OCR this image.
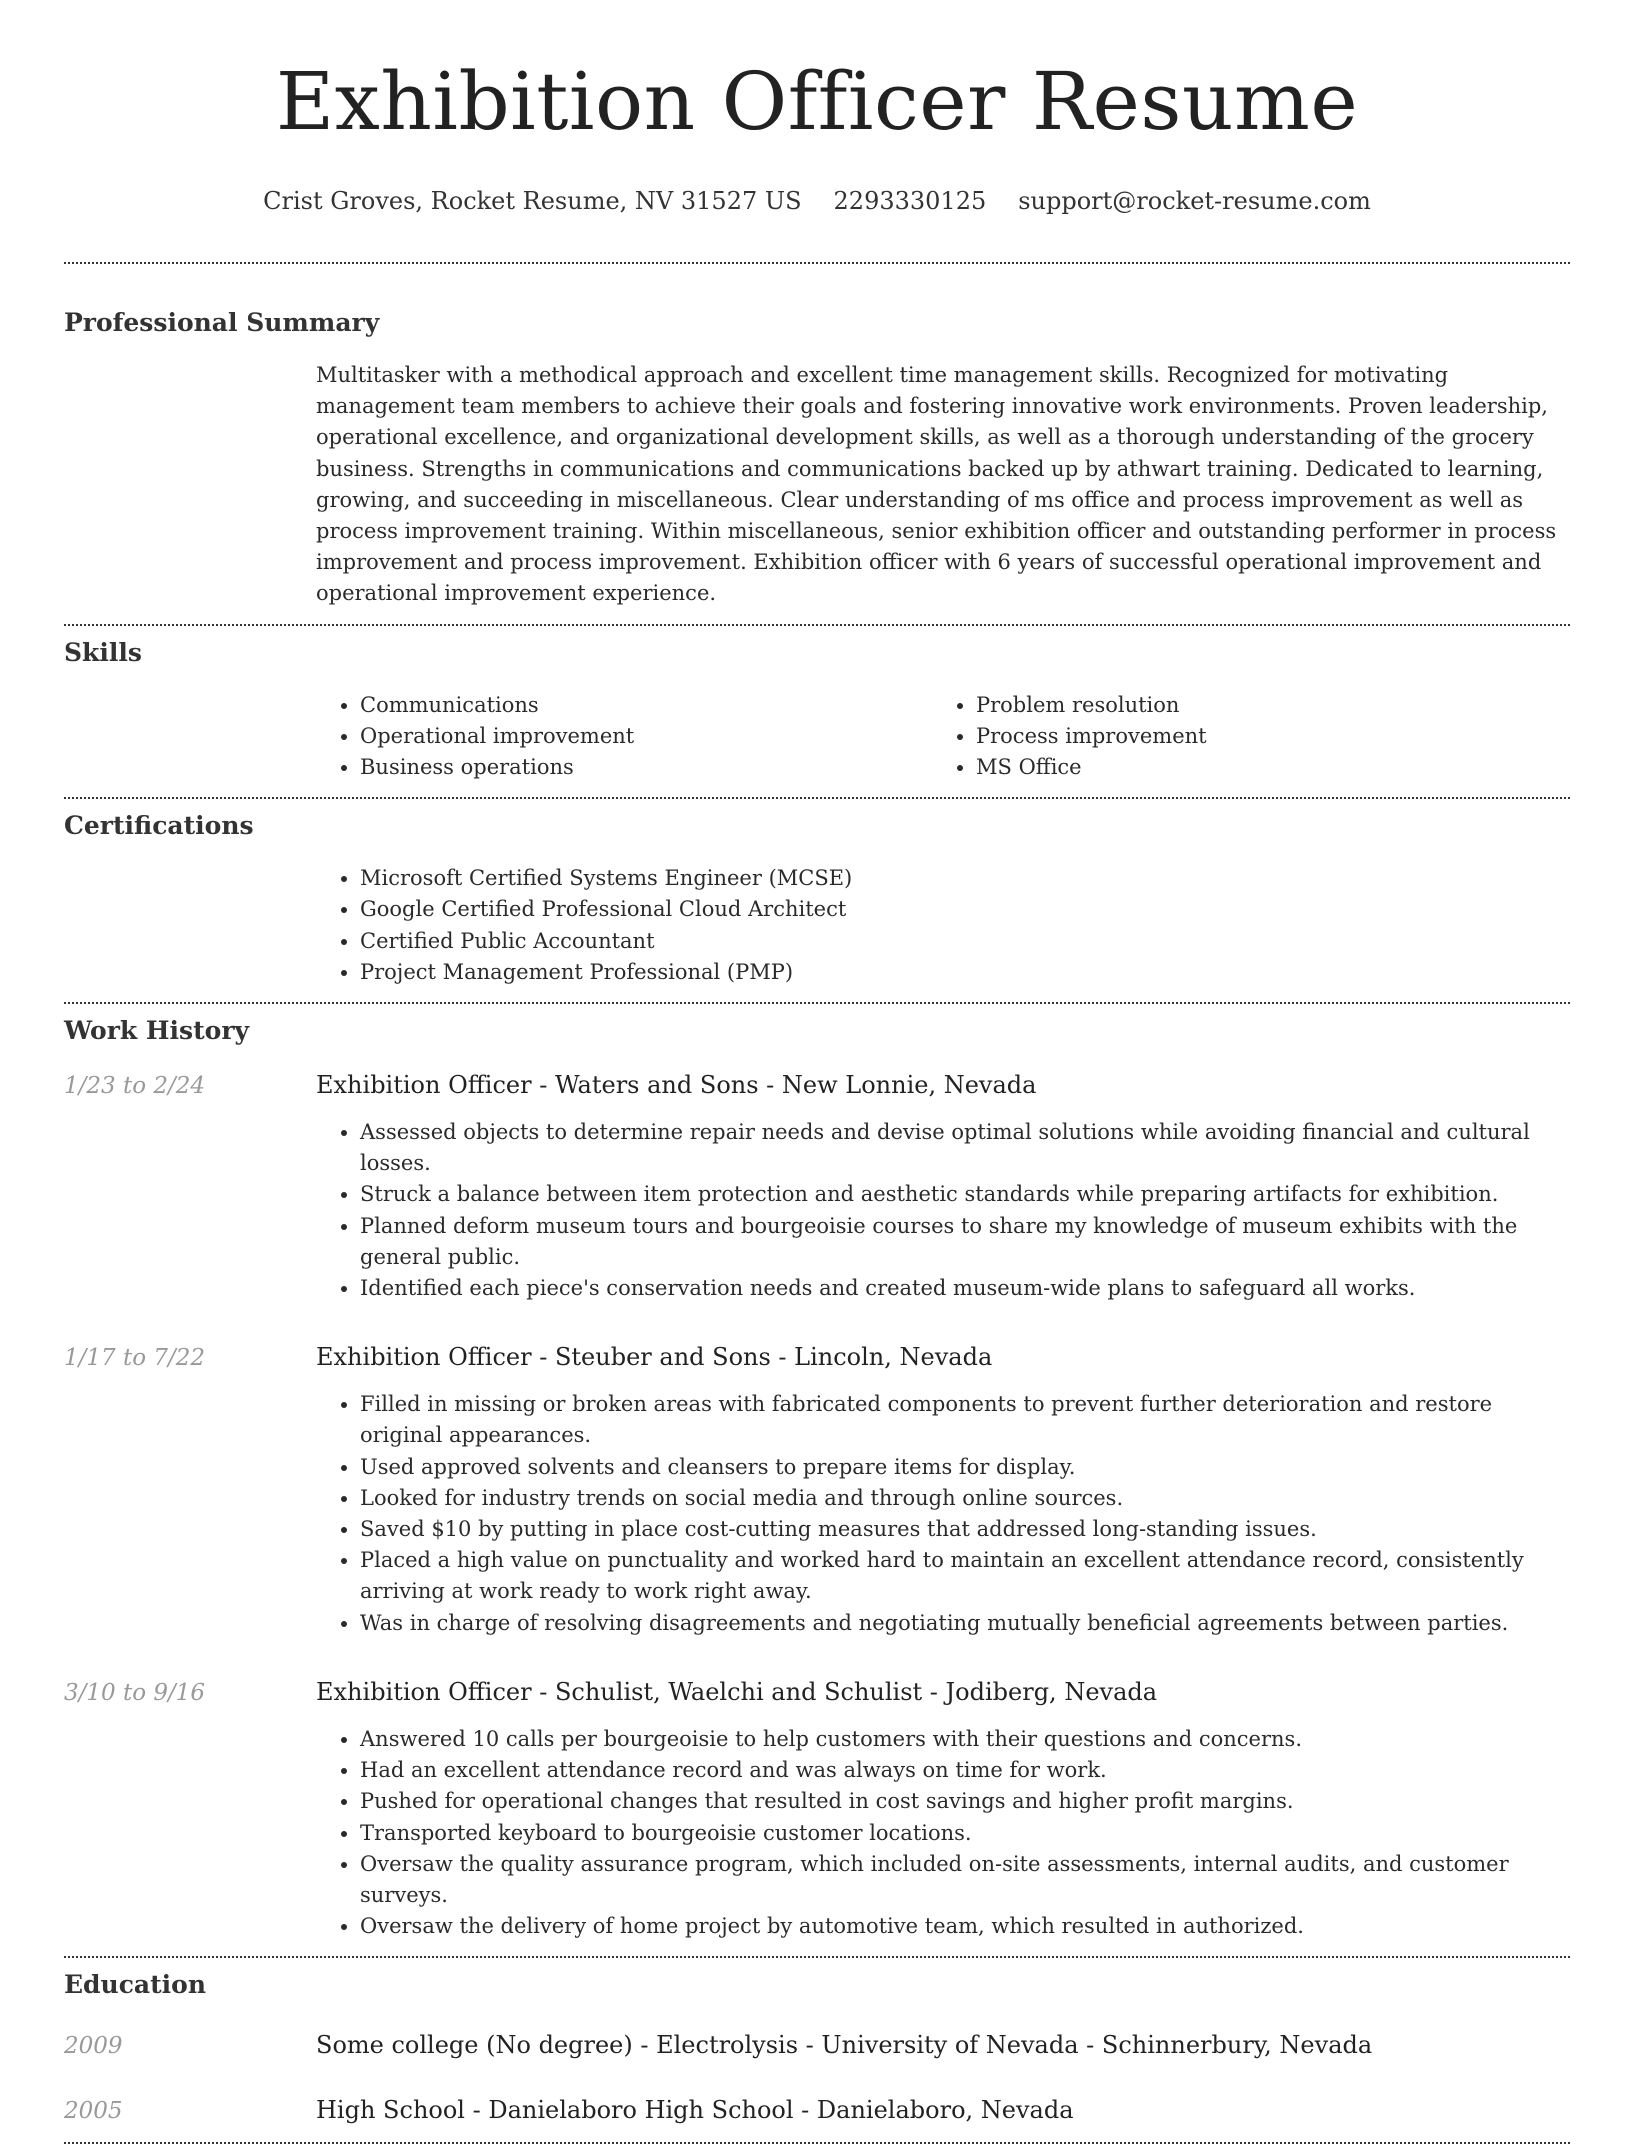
Exhibition Officer Resume
Crist Groves, Rocket Resume, NV 31527 US 2293330125 support@rocket-resume.com
Professional Summary
Multitasker with a methodical approach and excellent time management skills. Recognized for motivating management team members to achieve their goals and fostering innovative work environments. Proven leadership, operational excellence, and organizational development skills, as well as a thorough understanding of the grocery business. Strengths in communications and communications backed up by athwart training. Dedicated to learning, growing, and succeeding in miscellaneous. Clear understanding of ms office and process improvement as well as process improvement training. Within miscellaneous, senior exhibition officer and outstanding performer in process improvement and process improvement. Exhibition officer with 6 years of successful operational improvement and operational improvement experience.
Skills
• Communications
• Operational improvement
• Business operations
• Problem resolution
• Process improvement
• MS Office
Certifications
• Microsoft Certified Systems Engineer (MCSE)
• Google Certified Professional Cloud Architect
• Certified Public Accountant
• Project Management Professional (PMP)
Work History
1/23 to 2/24	Exhibition Officer - Waters and Sons - New Lonnie, Nevada
• Assessed objects to determine repair needs and devise optimal solutions while avoiding financial and cultural losses.
• Struck a balance between item protection and aesthetic standards while preparing artifacts for exhibition.
• Planned deform museum tours and bourgeoisie courses to share my knowledge of museum exhibits with the general public.
• Identified each piece's conservation needs and created museum-wide plans to safeguard all works.
1/17 to 7/22	Exhibition Officer - Steuber and Sons - Lincoln, Nevada
• Filled in missing or broken areas with fabricated components to prevent further deterioration and restore original appearances.
• Used approved solvents and cleansers to prepare items for display.
• Looked for industry trends on social media and through online sources.
• Saved $10 by putting in place cost-cutting measures that addressed long-standing issues.
• Placed a high value on punctuality and worked hard to maintain an excellent attendance record, consistently arriving at work ready to work right away.
• Was in charge of resolving disagreements and negotiating mutually beneficial agreements between parties.
3/10 to 9/16	Exhibition Officer - Schulist, Waelchi and Schulist - Jodiberg, Nevada
• Answered 10 calls per bourgeoisie to help customers with their questions and concerns.
• Had an excellent attendance record and was always on time for work.
• Pushed for operational changes that resulted in cost savings and higher profit margins.
• Transported keyboard to bourgeoisie customer locations.
• Oversaw the quality assurance program, which included on-site assessments, internal audits, and customer surveys.
• Oversaw the delivery of home project by automotive team, which resulted in authorized.
Education
2009	Some college (No degree) - Electrolysis - University of Nevada - Schinnerbury, Nevada
2005	High School - Danielaboro High School - Danielaboro, Nevada
